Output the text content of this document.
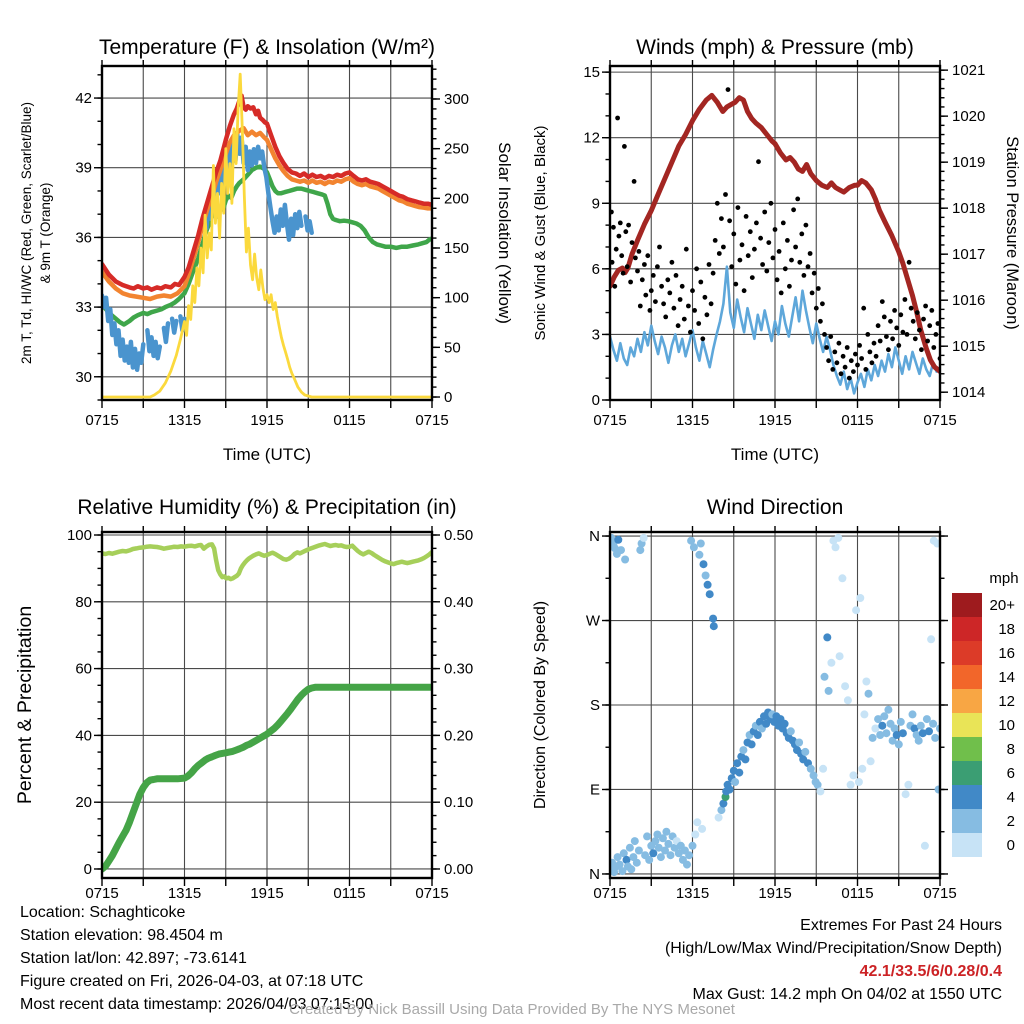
Temperature (F) & Insolation (W/m²)
0715	1315	1915	0115	0715
Time (UTC)
30
33
36
39
42
0
50
100
150
200
250
300
2m T, Td, HI/WC (Red, Green, Scarlet/Blue) & 9m T (Orange)	Solar Insolation (Yellow)
Winds (mph) & Pressure (mb)
0715	1315	1915	0115	0715
Time (UTC)
0
3
6
9
12
15
1014
1015
1016
1017
1018
1019
1020
1021
Sonic Wind & Gust (Blue, Black)	Station Pressure (Maroon)
Relative Humidity (%) & Precipitation (in)
0715	1315	1915	0115	0715
0
20
40
60
80
100
0.00
0.10
0.20
0.30
0.40
0.50
Percent & Precipitation
Wind Direction
0715	1315	1915	0115	0715
N
E
S
W
N
Direction (Colored By Speed)
mph
20+
18
16
14
12
10
8
6
4
2
0
Location: Schaghticoke
Station elevation: 98.4504 m
Station lat/lon: 42.897; -73.6141
Figure created on Fri, 2026-04-03, at 07:18 UTC
Most recent data timestamp: 2026/04/03 07:15:00
Extremes For Past 24 Hours
(High/Low/Max Wind/Precipitation/Snow Depth)
42.1/33.5/6/0.28/0.4
Max Gust: 14.2 mph On 04/02 at 1550 UTC
Created By Nick Bassill Using Data Provided By The NYS Mesonet
